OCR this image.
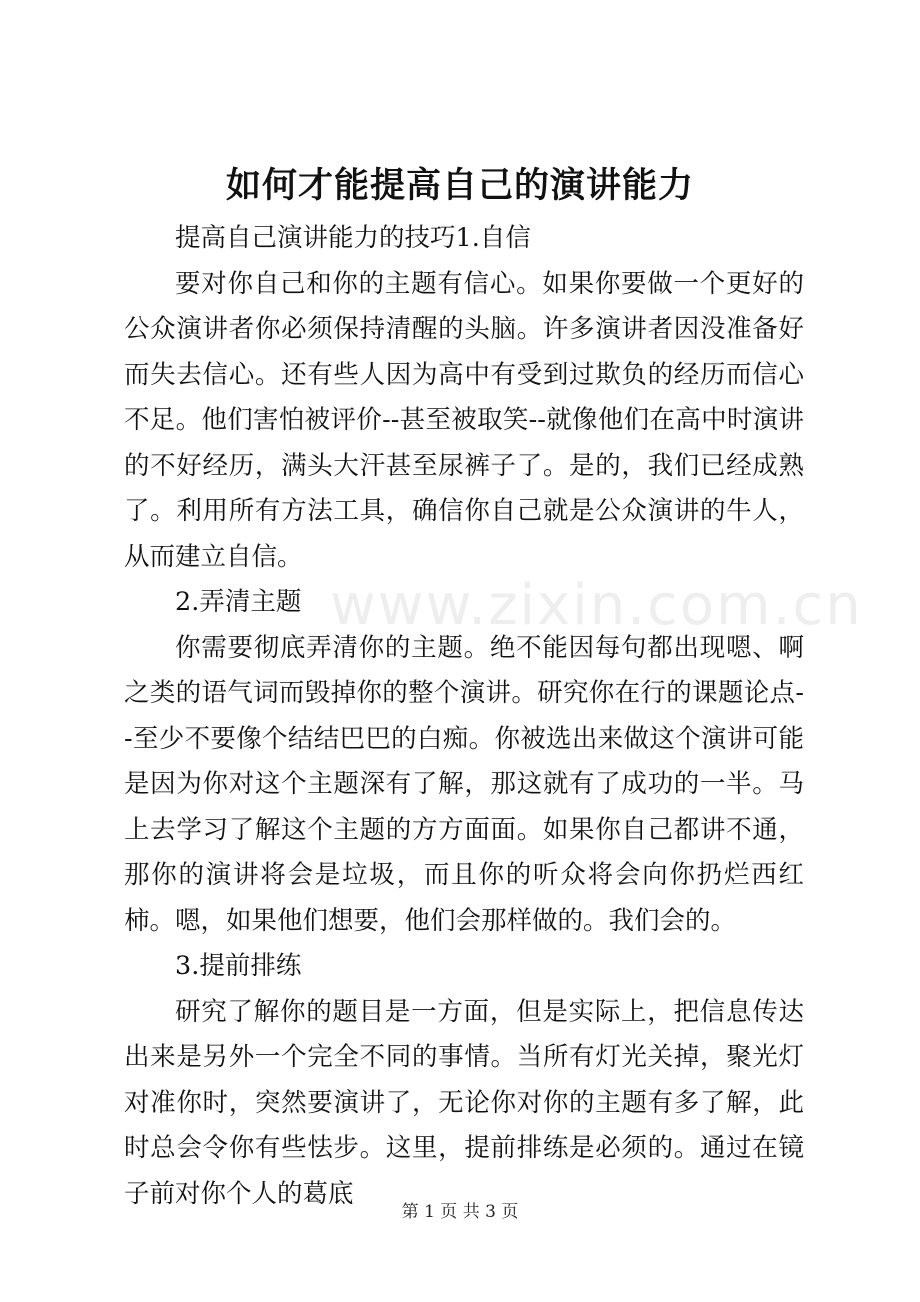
如何才能提高自己的演讲能力

提高自己演讲能力的技巧1.自信

要对你自己和你的主题有信心。如果你要做一个更好的公众演讲者你必须保持清醒的头脑。许多演讲者因没准备好而失去信心。还有些人因为高中有受到过欺负的经历而信心不足。他们害怕被评价--甚至被取笑--就像他们在高中时演讲的不好经历，满头大汗甚至尿裤子了。是的，我们已经成熟了。利用所有方法工具，确信你自己就是公众演讲的牛人，从而建立自信。

2.弄清主题

你需要彻底弄清你的主题。绝不能因每句都出现嗯、啊之类的语气词而毁掉你的整个演讲。研究你在行的课题论点--至少不要像个结结巴巴的白痴。你被选出来做这个演讲可能是因为你对这个主题深有了解，那这就有了成功的一半。马上去学习了解这个主题的方方面面。如果你自己都讲不通，那你的演讲将会是垃圾，而且你的听众将会向你扔烂西红柿。嗯，如果他们想要，他们会那样做的。我们会的。

3.提前排练

研究了解你的题目是一方面，但是实际上，把信息传达出来是另外一个完全不同的事情。当所有灯光关掉，聚光灯对准你时，突然要演讲了，无论你对你的主题有多了解，此时总会令你有些怯步。这里，提前排练是必须的。通过在镜子前对你个人的葛底

www.zixin.com.cn
第 1 页 共 3 页
